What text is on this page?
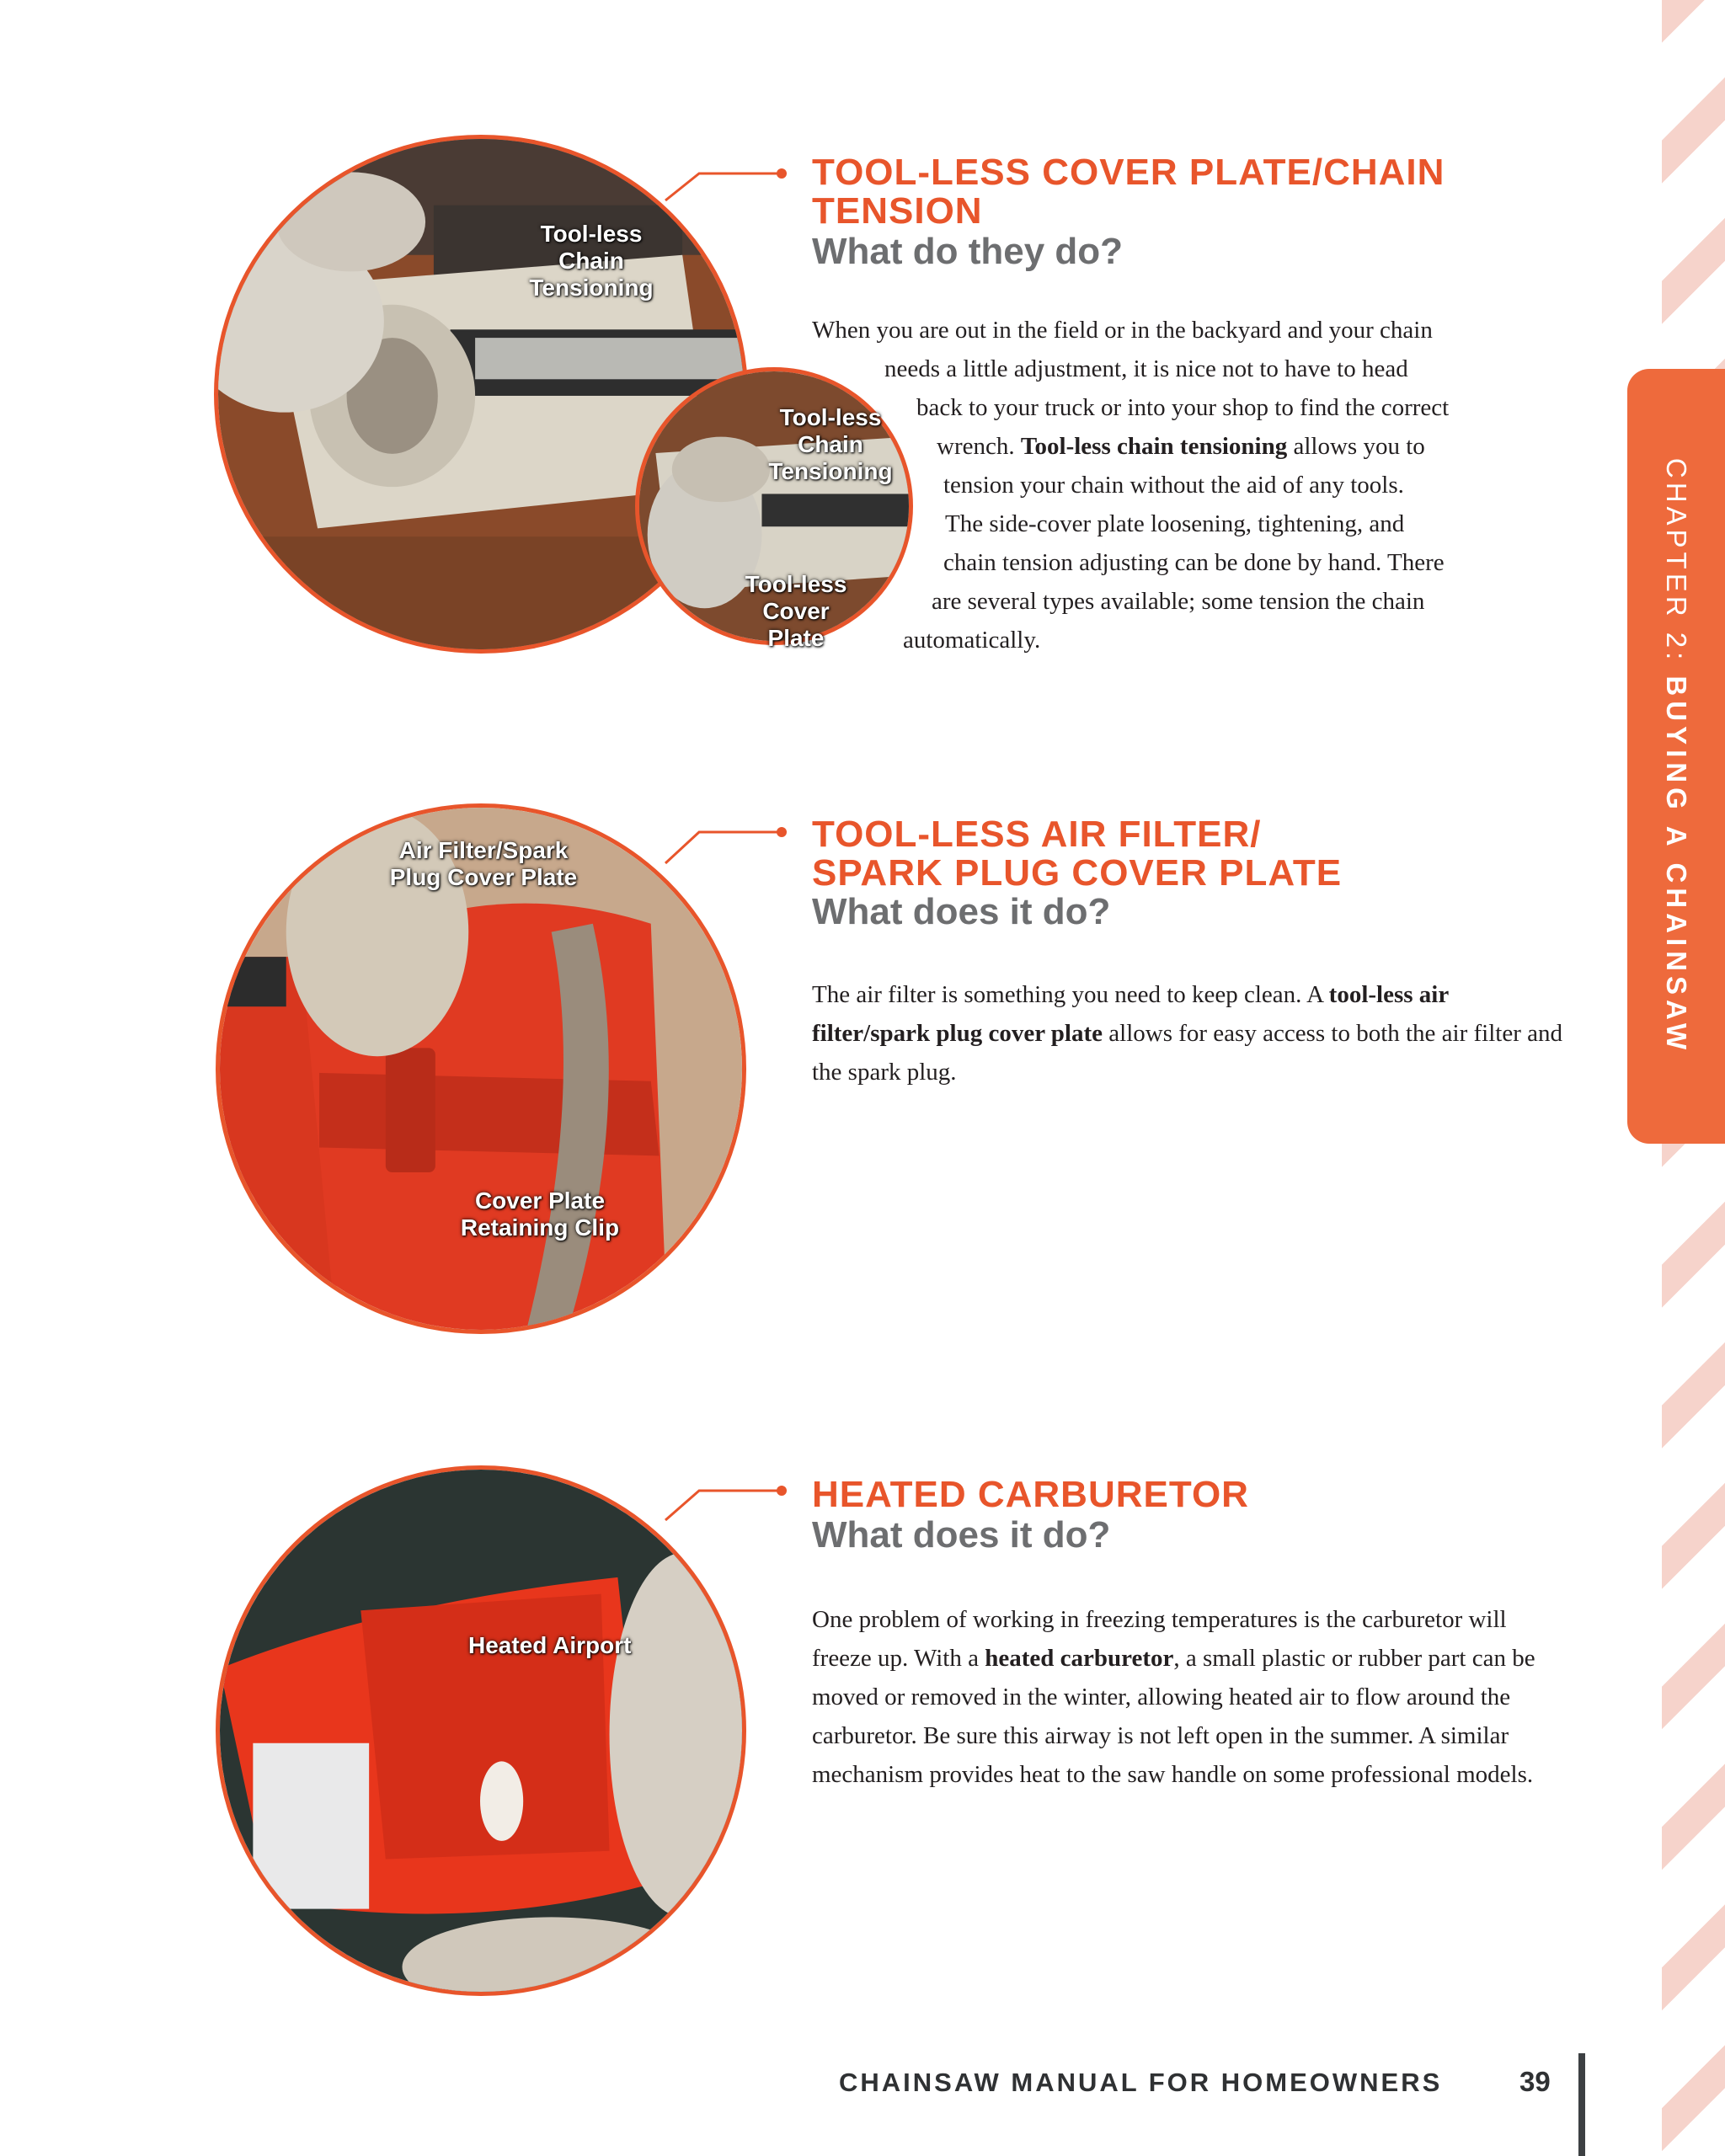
CHAPTER 2: BUYING A CHAINSAW
Tool-less Chain Tensioning
Tool-less Chain Tensioning
Tool-less Cover Plate
TOOL-LESS COVER PLATE/CHAIN
TENSION
What do they do?
When you are out in the field or in the backyard and your chain
needs a little adjustment, it is nice not to have to head
back to your truck or into your shop to find the correct
wrench. Tool-less chain tensioning allows you to
tension your chain without the aid of any tools.
The side-cover plate loosening, tightening, and
chain tension adjusting can be done by hand. There
are several types available; some tension the chain
automatically.
Air Filter/Spark Plug Cover Plate
Cover Plate Retaining Clip
TOOL-LESS AIR FILTER/
SPARK PLUG COVER PLATE
What does it do?
The air filter is something you need to keep clean. A tool-less air filter/spark plug cover plate allows for easy access to both the air filter and the spark plug.
Heated Airport
HEATED CARBURETOR
What does it do?
One problem of working in freezing temperatures is the carburetor will freeze up. With a heated carburetor, a small plastic or rubber part can be moved or removed in the winter, allowing heated air to flow around the carburetor. Be sure this airway is not left open in the summer. A similar mechanism provides heat to the saw handle on some professional models.
CHAINSAW MANUAL FOR HOMEOWNERS	39
